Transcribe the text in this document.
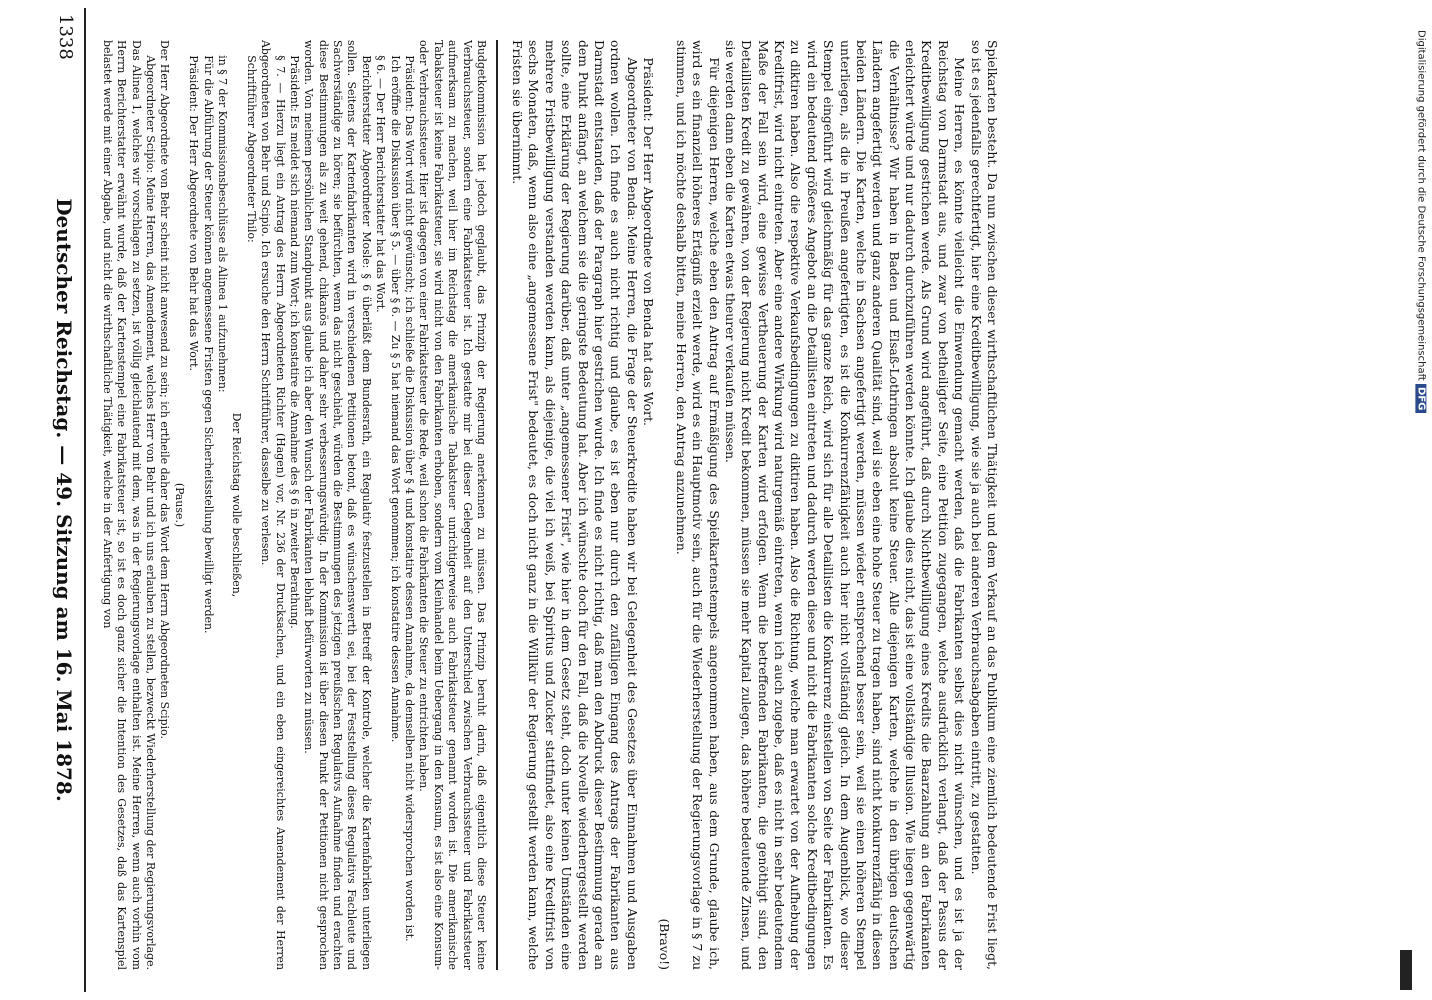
1338
Deutscher Reichstag. — 49. Sitzung am 16. Mai 1878.	Budgetkommission hat jedoch geglaubt, das Prinzip der Regierung anerkennen zu müssen. Das Prinzip beruht darin, daß eigentlich diese Steuer keine Verbrauchssteuer, sondern eine Fabrikatsteuer ist. Ich gestatte mir bei dieser Gelegenheit auf den Unterschied zwischen Verbrauchssteuer und Fabrikatsteuer aufmerksam zu machen, weil hier im Reichstag die amerikanische Tabaksteuer unrichtigerweise auch Fabrikatsteuer genannt worden ist. Die amerikanische Tabaksteuer ist keine Fabrikatsteuer, sie wird nicht von den Fabrikanten erhoben, sondern vom Kleinhandel beim Uebergang in den Konsum, es ist also eine Konsum- oder Verbrauchssteuer. Hier ist dagegen von einer Fabrikatsteuer die Rede, weil schon die Fabrikanten die Steuer zu entrichten haben.

Präsident: Das Wort wird nicht gewünscht; ich schließe die Diskussion über § 4 und konstatire dessen Annahme, da demselben nicht widersprochen worden ist.

Ich eröffne die Diskussion über § 5. — über § 6. — Zu § 5 hat niemand das Wort genommen; ich konstatire dessen Annahme.

§ 6. — Der Herr Berichterstatter hat das Wort.

Berichterstatter Abgeordneter Mosle: § 6 überläßt dem Bundesrath, ein Regulativ festzustellen in Betreff der Kontrole, welcher die Kartenfabriken unterliegen sollen. Seitens der Kartenfabrikanten wird in verschiedenen Petitionen betont, daß es wünschenswerth sei, bei der Feststellung dieses Regulativs Fachleute und Sachverständige zu hören; sie befürchten, wenn das nicht geschieht, würden die Bestimmungen des jetzigen preußischen Regulativs Aufnahme finden und erachten diese Bestimmungen als zu weit gehend, chikanös und daher sehr verbesserungswürdig. In der Kommission ist über diesen Punkt der Petitionen nicht gesprochen worden. Von meinem persönlichen Standpunkt aus glaube ich aber den Wunsch der Fabrikanten lebhaft befürworten zu müssen.

Präsident: Es meldet sich niemand zum Wort; ich konstatire die Annahme des § 6 in zweiter Berathung.

§ 7. — Hierzu liegt ein Antrag des Herrn Abgeordneten Richter (Hagen) vor, Nr. 236 der Drucksachen, und ein eben eingereichtes Amendement der Herren Abgeordneten von Behr und Scipio. Ich ersuche den Herrn Schriftführer, dasselbe zu verlesen.

Schriftführer Abgeordneter Thilo:

Der Reichstag wolle beschließen,

in § 7 der Kommissionsbeschlüsse als Alinea 1 aufzunehmen:

Für die Abführung der Steuer können angemessene Fristen gegen Sicherheitsstellung bewilligt werden.

Präsident: Der Herr Abgeordnete von Behr hat das Wort.

(Pause.)

Der Herr Abgeordnete von Behr scheint nicht anwesend zu sein; ich ertheile daher das Wort dem Herrn Abgeordneten Scipio.

Abgeordneter Scipio: Meine Herren, das Amendement, welches Herr von Behr und ich uns erlauben zu stellen, bezweckt Wiederherstellung der Regierungsvorlage. Das Alinea 1, welches wir vorschlagen zu setzen, ist völlig gleichlautend mit dem, was in der Regierungsvorlage enthalten ist. Meine Herren, wenn auch vorhin vom Herrn Berichterstatter erwähnt wurde, daß der Kartenstempel eine Fabrikatsteuer ist, so ist es doch ganz sicher die Intention des Gesetzes, daß das Kartenspiel belastet werde mit einer Abgabe, und nicht die wirthschaftliche Thätigkeit, welche in der Anfertigung von	Spielkarten besteht. Da nun zwischen dieser wirthschaftlichen Thätigkeit und dem Verkauf an das Publikum eine ziemlich bedeutende Frist liegt, so ist es jedenfalls gerechtfertigt, hier eine Kreditbewilligung, wie sie ja auch bei anderen Verbrauchsabgaben eintritt, zu gestatten.

Meine Herren, es könnte vielleicht die Einwendung gemacht werden, daß die Fabrikanten selbst dies nicht wünschen, und es ist ja der Reichstag von Darmstadt aus, und zwar von betheiligter Seite, eine Petition zugegangen, welche ausdrücklich verlangt, daß der Passus der Kreditbewilligung gestrichen werde. Als Grund wird angeführt, daß durch Nichtbewilligung eines Kredits die Baarzahlung an den Fabrikanten erleichtert würde und nur dadurch durchzuführen werden könnte. Ich glaube dies nicht, das ist eine vollständige Illusion. Wie liegen gegenwärtig die Verhältnisse? Wir haben in Baden und Elsaß-Lothringen absolut keine Steuer. Alle diejenigen Karten, welche in den übrigen deutschen Ländern angefertigt werden und ganz anderen Qualität sind, weil sie eben eine hohe Steuer zu tragen haben, sind nicht konkurrenzfähig in diesen beiden Ländern. Die Karten, welche in Sachsen angefertigt werden, müssen wieder entsprechend besser sein, weil sie einen höheren Stempel unterliegen, als die in Preußen angefertigten, es ist die Konkurrenzfähigkeit auch hier nicht vollständig gleich. In dem Augenblick, wo dieser Stempel eingeführt wird gleichmäßig für das ganze Reich, wird sich für alle Detaillisten die Konkurrenz einstellen von Seite der Fabrikanten. Es wird ein bedeutend größeres Angebot an die Detaillisten eintreten und dadurch werden diese und nicht die Fabrikanten solche Kreditbedingungen zu diktiren haben. Also die respektive Verkaufsbedingungen zu diktiren haben. Also die Richtung, welche man erwartet von der Aufhebung der Kreditfrist, wird nicht eintreten. Aber eine andere Wirkung wird naturgemäß eintreten, wenn ich auch zugebe, daß es nicht in sehr bedeutendem Maße der Fall sein wird, eine gewisse Vertheuerung der Karten wird erfolgen. Wenn die betreffenden Fabrikanten, die genöthigt sind, den Detaillisten Kredit zu gewähren, von der Regierung nicht Kredit bekommen, müssen sie mehr Kapital zulegen, das höhere bedeutende Zinsen, und sie werden dann eben die Karten etwas theurer verkaufen müssen.

Für diejenigen Herren, welche eben den Antrag auf Ermäßigung des Spielkartenstempels angenommen haben, aus dem Grunde, glaube ich, wird es ein finanziell höheres Ertägniß erzielt werde, wird es ein Hauptmotiv sein, auch für die Wiederherstellung der Regierungsvorlage in § 7 zu stimmen, und ich möchte deshalb bitten, meine Herren, den Antrag anzunehmen.

(Bravo!)

Präsident: Der Herr Abgeordnete von Benda hat das Wort.

Abgeordneter von Benda: Meine Herren, die Frage der Steuerkredite haben wir bei Gelegenheit des Gesetzes über Einnahmen und Ausgaben ordnen wollen. Ich finde es auch nicht richtig und glaube, es ist eben nur durch den zufälligen Eingang des Antrags der Fabrikanten aus Darmstadt entstanden, daß der Paragraph hier gestrichen wurde. Ich finde es nicht richtig, daß man den Abdruck dieser Bestimmung gerade an dem Punkt anfängt, an welchem sie die geringste Bedeutung hat. Aber ich wünschte doch für den Fall, daß die Novelle wiederhergestellt werden sollte, eine Erklärung der Regierung darüber, daß unter „angemessener Frist", wie hier in dem Gesetz steht, doch unter keinen Umständen eine mehrere Fristbewilligung verstanden werden kann, als diejenige, die viel ich weiß, bei Spiritus und Zucker stattfindet, also eine Kreditfrist von sechs Monaten, daß, wenn also eine „angemessene Frist" bedeutet, es doch nicht ganz in die Willkür der Regierung gestellt werden kann, welche Fristen sie übernimmt.	Digitalisierung gefördert durch die Deutsche Forschungsgemeinschaft DFG
